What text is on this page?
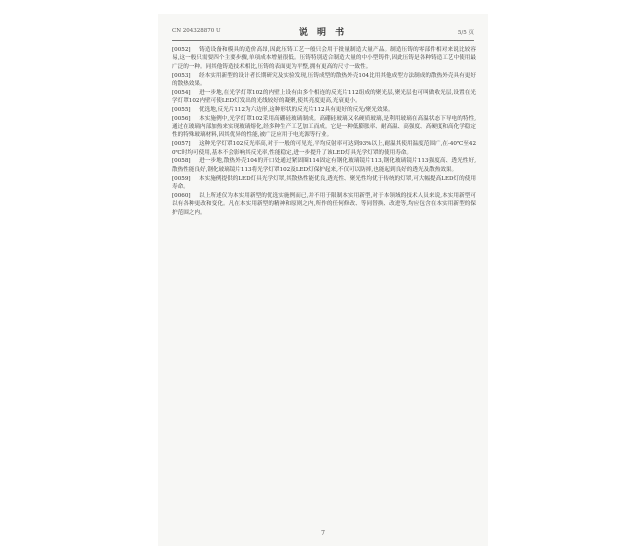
CN 204328870 U	说 明 书	5/5 页

[0052] 铸造设备和模具的造价高昂,因此压铸工艺一般只会用于批量制造大量产品。制造压铸的零部件相对来说比较容易,这一般只需要四个主要步骤,单项成本增量很低。压铸特别适合制造大量的中小型铸件,因此压铸是各种铸造工艺中使用最广泛的一种。同其他铸造技术相比,压铸的表面更为平整,拥有更高的尺寸一致性。

[0053] 经本实用新型的设计者长期研究及实验发现,压铸成型的散热外壳104比用其他成型方法制成的散热外壳具有更好的散热效果。

[0054] 进一步地,在光学灯罩102的内壁上设有由多个相连的反光片112组成的聚光层,聚光层也可叫做收光层,设置在光学灯罩102内壁可使LED灯发出的光线较好的凝聚,使其亮度更高,光衰更小。

[0055] 优选地,反光片112为六边形,这种形状的反光片112具有更好的反光/聚光效果。

[0056] 本实施例中,光学灯罩102采用高硼硅玻璃制成。高硼硅玻璃又名硬质玻璃,是利用玻璃在高温状态下导电的特性,通过在玻璃内部加热来实现玻璃熔化,经多种生产工艺加工而成。它是一种低膨胀率、耐高温、高强度、高硬度和高化学稳定性的特殊玻璃材料,因其优异的性能,被广泛应用于电光源等行业。

[0057] 这种光学灯罩102反光率高,对于一般的可见光,平均反射率可达到93%以上,耐温其使用温度范围广,在-40℃至420℃时均可使用,基本不会影响其反光率,性能稳定,进一步提升了该LED灯具光学灯罩的使用寿命。

[0058] 进一步地,散热外壳104的开口处通过紧固圈114固定有钢化玻璃镜片113,钢化玻璃镜片113强度高、透光性好,散热性能良好,钢化玻璃镜片113将光学灯罩102及LED灯保护起来,不仅可以防摔,也能起到良好的透光及散热效果。

[0059] 本实施例提供的LED灯具光学灯罩,其散热性能优良,透光性、聚光性均优于传统的灯罩,可大幅提高LED灯的使用寿命。

[0060] 以上所述仅为本实用新型的优选实施例而已,并不用于限制本实用新型,对于本领域的技术人员来说,本实用新型可以有各种更改和变化。凡在本实用新型的精神和原则之内,所作的任何修改、等同替换、改进等,均应包含在本实用新型的保护范围之内。

7
